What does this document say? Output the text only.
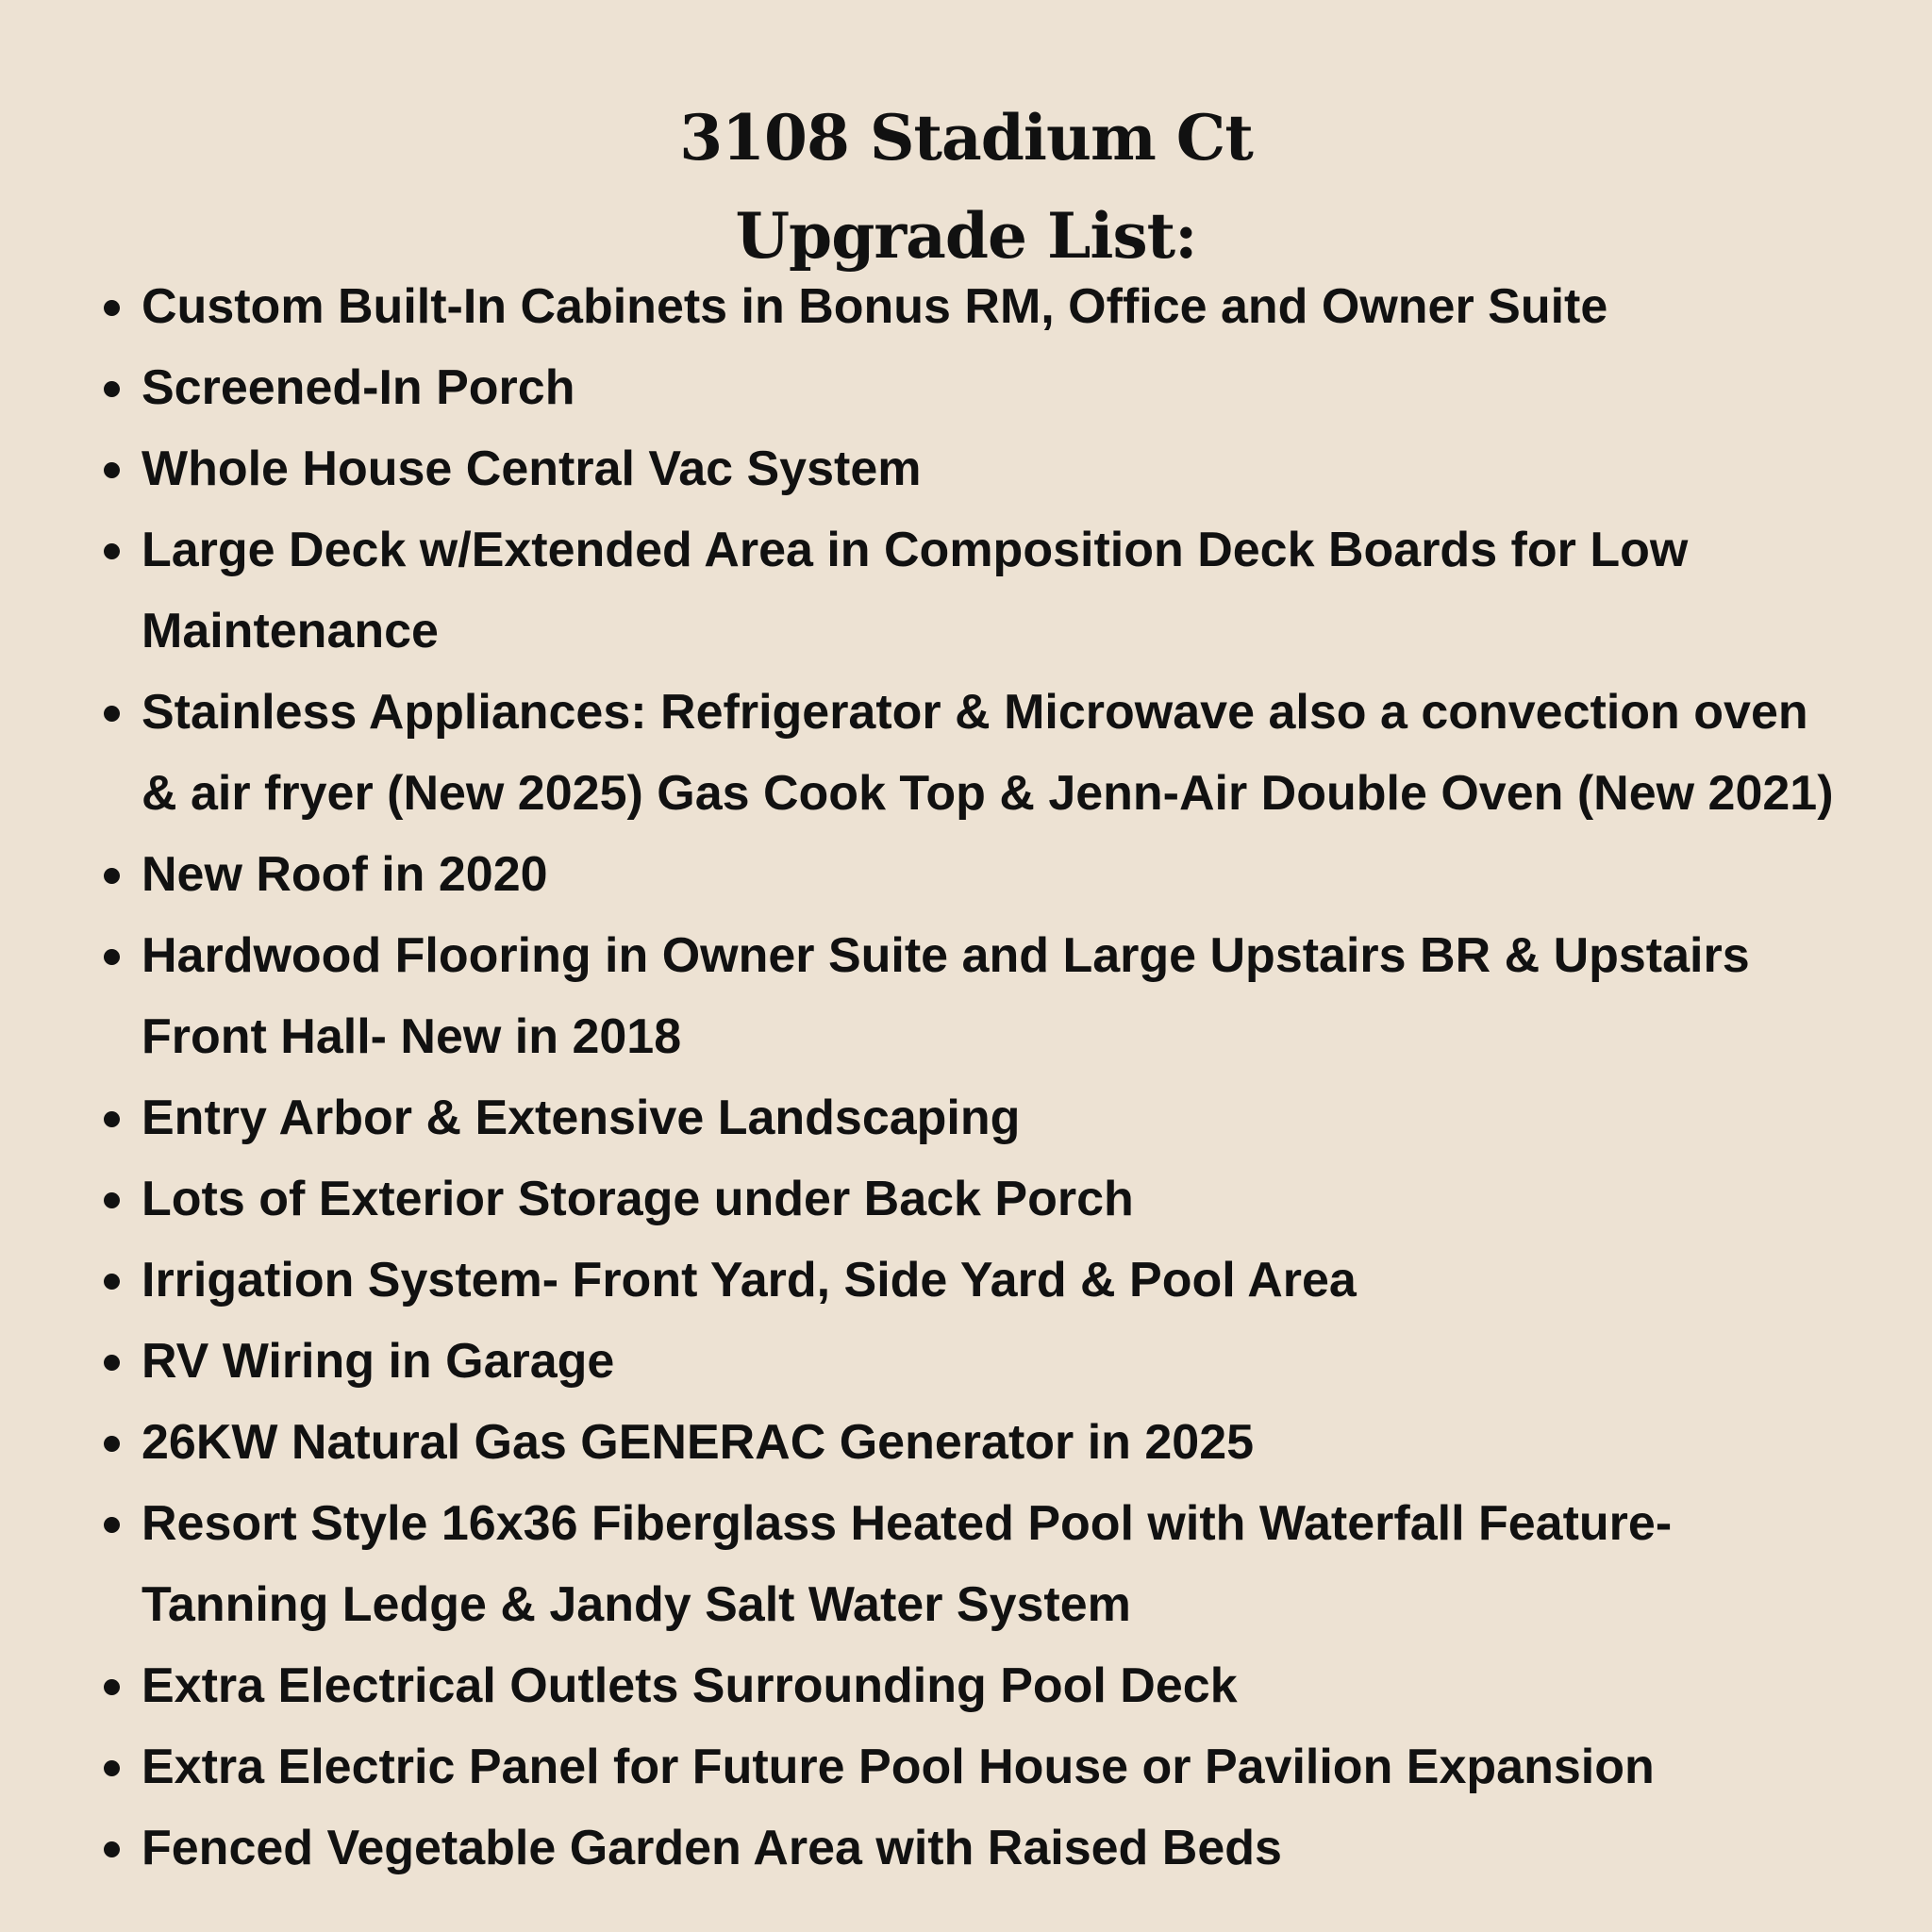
3108 Stadium Ct
Upgrade List:
Custom Built-In Cabinets in Bonus RM, Office and Owner Suite
Screened-In Porch
Whole House Central Vac System
Large Deck w/Extended Area in Composition Deck Boards for Low
Maintenance
Stainless Appliances: Refrigerator & Microwave also a convection oven
& air fryer (New 2025) Gas Cook Top & Jenn-Air Double Oven (New 2021)
New Roof in 2020
Hardwood Flooring in Owner Suite and Large Upstairs BR & Upstairs
Front Hall- New in 2018
Entry Arbor & Extensive Landscaping
Lots of Exterior Storage under Back Porch
Irrigation System- Front Yard, Side Yard & Pool Area
RV Wiring in Garage
26KW Natural Gas GENERAC Generator in 2025
Resort Style 16x36 Fiberglass Heated Pool with Waterfall Feature-
Tanning Ledge & Jandy Salt Water System
Extra Electrical Outlets Surrounding Pool Deck
Extra Electric Panel for Future Pool House or Pavilion Expansion
Fenced Vegetable Garden Area with Raised Beds
